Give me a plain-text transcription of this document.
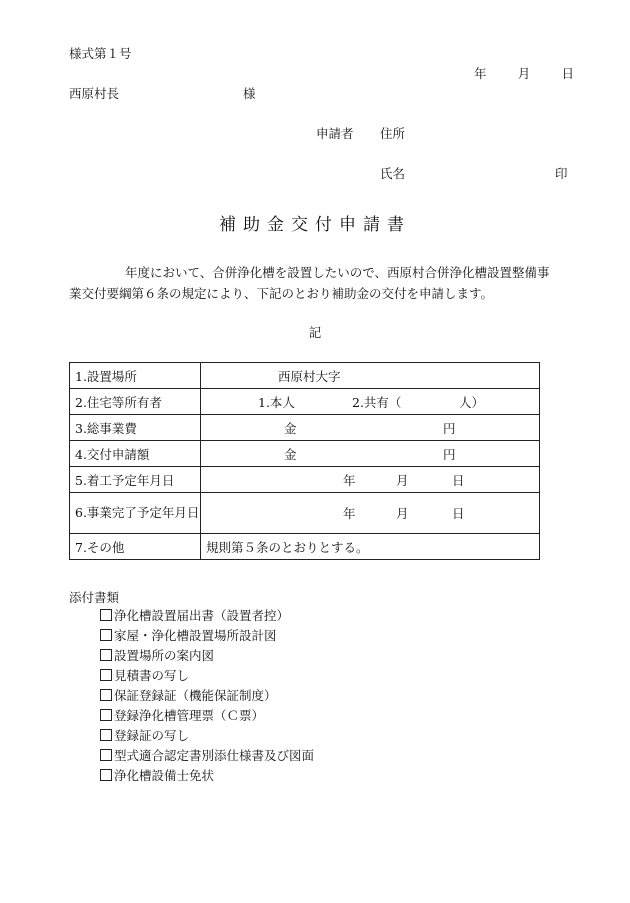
様式第１号
年 月 日
西原村長	様
申請者 住所
氏名	印
補助金交付申請書
年度において、合併浄化槽を設置したいので、西原村合併浄化槽設置整備事業交付要綱第６条の規定により、下記のとおり補助金の交付を申請します。
記
1.設置場所	西原村大字

2.住宅等所有者	1.本人 2.共有（ 人）

3.総事業費	金 円

4.交付申請額	金 円

5.着工予定年月日	年 月 日

6.事業完了予定年月日	年 月 日

7.その他	規則第５条のとおりとする。
添付書類
浄化槽設置届出書（設置者控）
家屋・浄化槽設置場所設計図
設置場所の案内図
見積書の写し
保証登録証（機能保証制度）
登録浄化槽管理票（Ｃ票）
登録証の写し
型式適合認定書別添仕様書及び図面
浄化槽設備士免状
